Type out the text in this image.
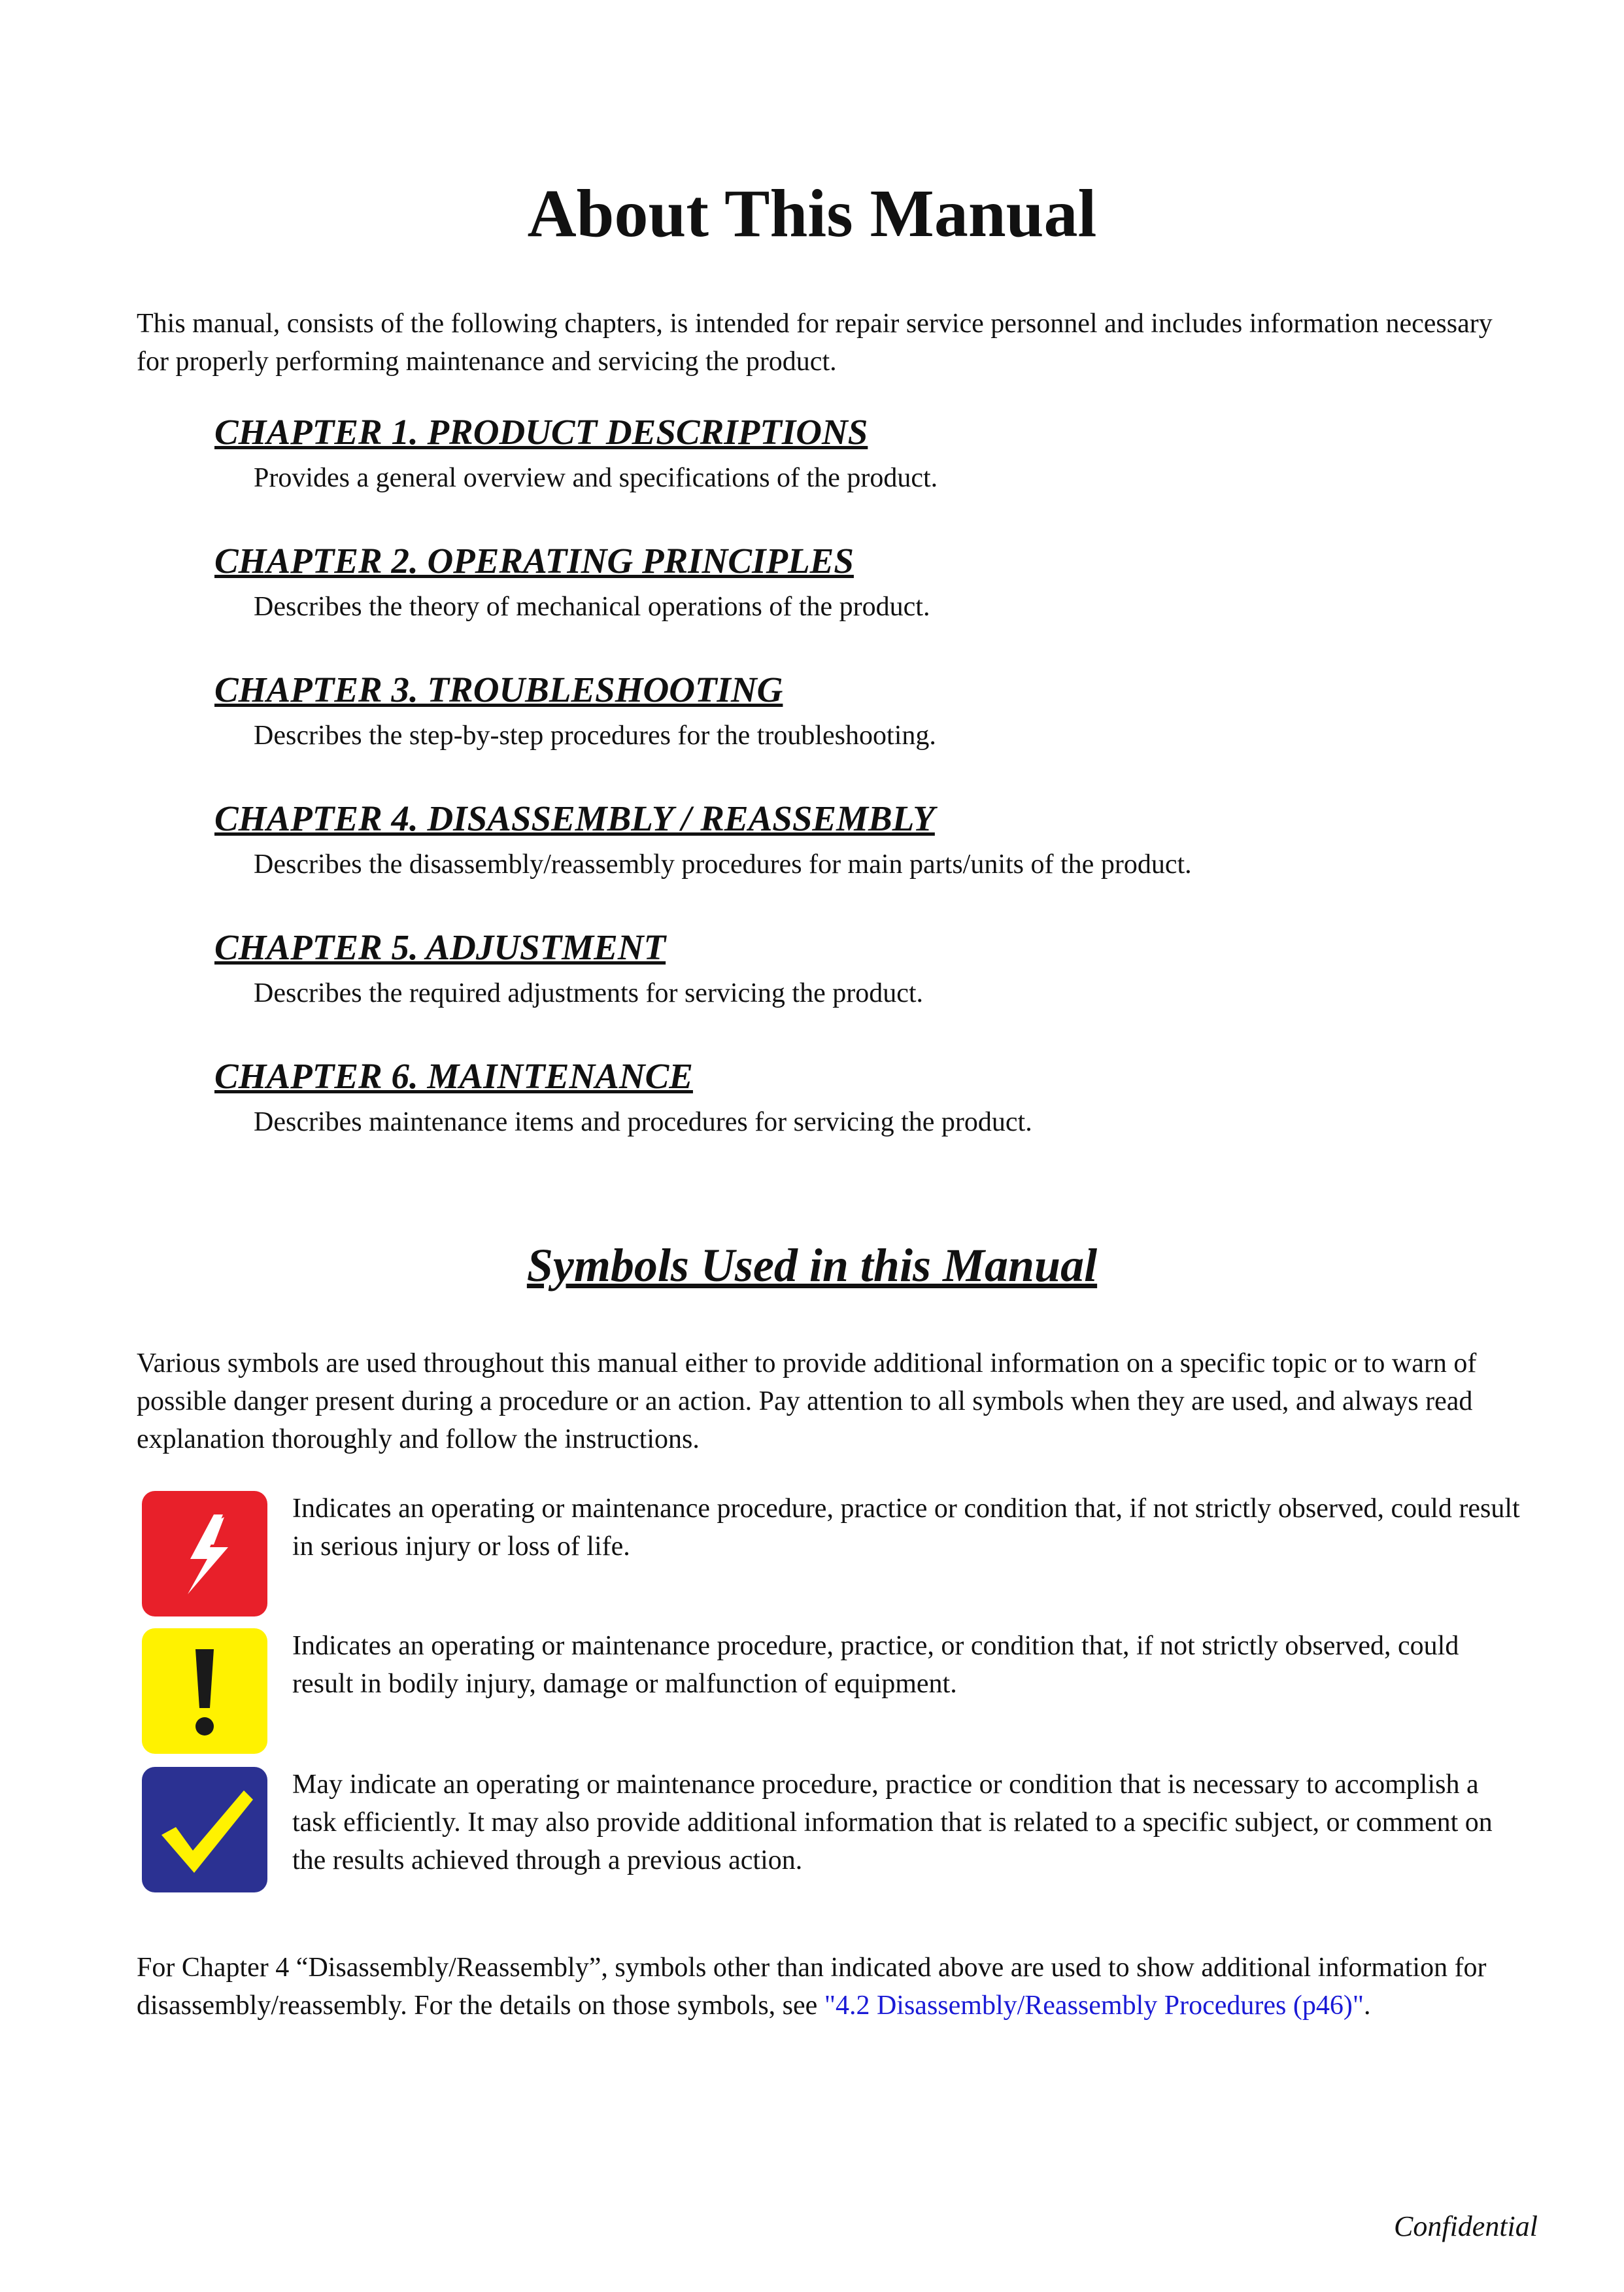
About This Manual
This manual, consists of the following chapters, is intended for repair service personnel and includes information necessary for properly performing maintenance and servicing the product.
CHAPTER 1. PRODUCT DESCRIPTIONS
Provides a general overview and specifications of the product.
CHAPTER 2. OPERATING PRINCIPLES
Describes the theory of mechanical operations of the product.
CHAPTER 3. TROUBLESHOOTING
Describes the step-by-step procedures for the troubleshooting.
CHAPTER 4. DISASSEMBLY / REASSEMBLY
Describes the disassembly/reassembly procedures for main parts/units of the product.
CHAPTER 5. ADJUSTMENT
Describes the required adjustments for servicing the product.
CHAPTER 6. MAINTENANCE
Describes maintenance items and procedures for servicing the product.
Symbols Used in this Manual
Various symbols are used throughout this manual either to provide additional information on a specific topic or to warn of possible danger present during a procedure or an action. Pay attention to all symbols when they are used, and always read explanation thoroughly and follow the instructions.
Indicates an operating or maintenance procedure, practice or condition that, if not strictly observed, could result in serious injury or loss of life.
Indicates an operating or maintenance procedure, practice, or condition that, if not strictly observed, could result in bodily injury, damage or malfunction of equipment.
May indicate an operating or maintenance procedure, practice or condition that is necessary to accomplish a task efficiently. It may also provide additional information that is related to a specific subject, or comment on the results achieved through a previous action.
For Chapter 4 “Disassembly/Reassembly”, symbols other than indicated above are used to show additional information for disassembly/reassembly. For the details on those symbols, see "4.2 Disassembly/Reassembly Procedures (p46)".
Confidential
